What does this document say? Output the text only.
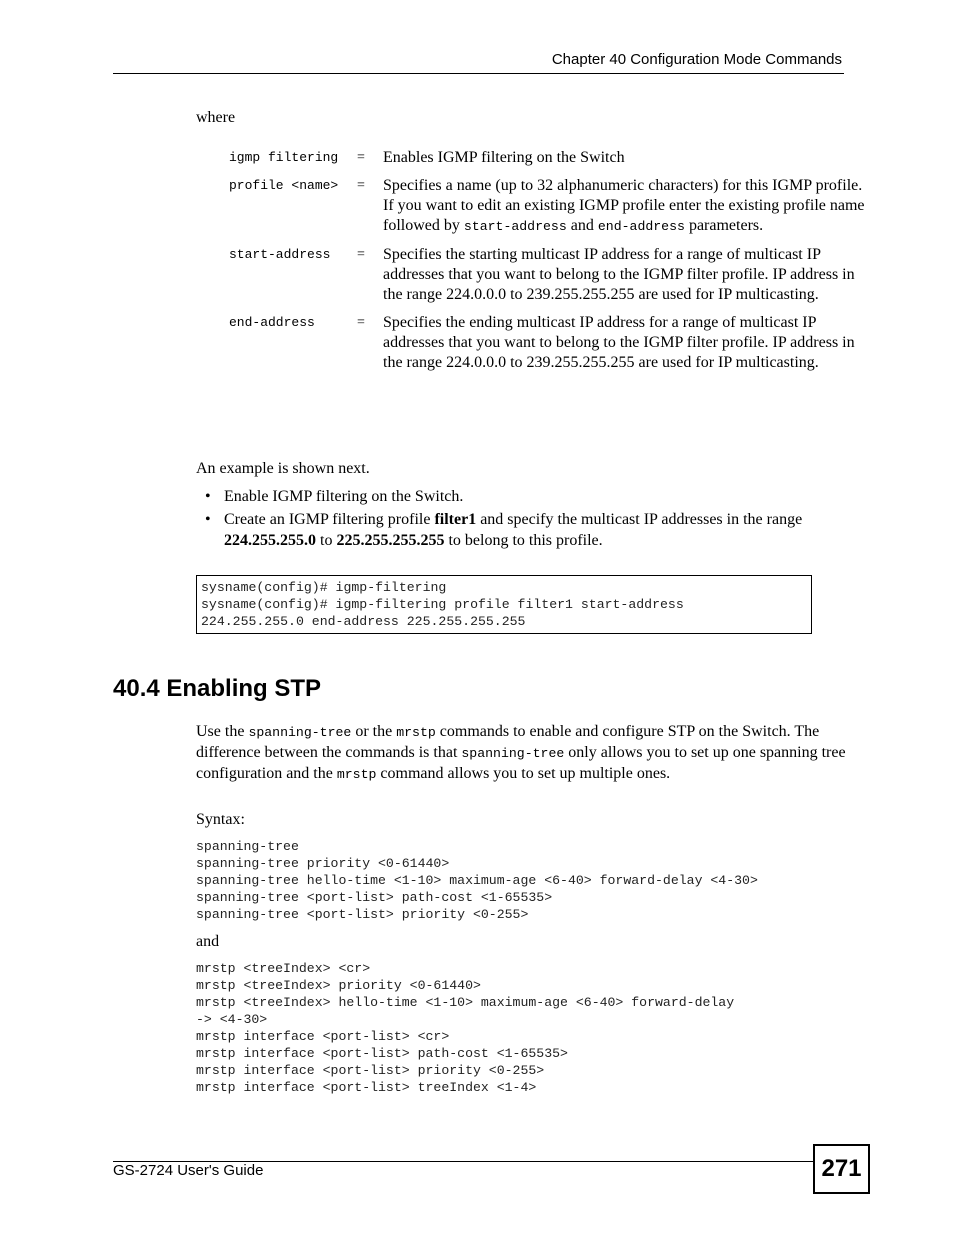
Chapter 40 Configuration Mode Commands
where
igmp filtering	=	Enables IGMP filtering on the Switch
profile <name>	=	Specifies a name (up to 32 alphanumeric characters) for this IGMP profile. If you want to edit an existing IGMP profile enter the existing profile name followed by start-address and end-address parameters.
start-address	=	Specifies the starting multicast IP address for a range of multicast IP addresses that you want to belong to the IGMP filter profile. IP address in the range 224.0.0.0 to 239.255.255.255 are used for IP multicasting.
end-address	=	Specifies the ending multicast IP address for a range of multicast IP addresses that you want to belong to the IGMP filter profile. IP address in the range 224.0.0.0 to 239.255.255.255 are used for IP multicasting.
An example is shown next.
• Enable IGMP filtering on the Switch.
• Create an IGMP filtering profile filter1 and specify the multicast IP addresses in the range 224.255.255.0 to 225.255.255.255 to belong to this profile.
sysname(config)# igmp-filtering
sysname(config)# igmp-filtering profile filter1 start-address
224.255.255.0 end-address 225.255.255.255
40.4 Enabling STP
Use the spanning-tree or the mrstp commands to enable and configure STP on the Switch. The difference between the commands is that spanning-tree only allows you to set up one spanning tree configuration and the mrstp command allows you to set up multiple ones.
Syntax:
spanning-tree
spanning-tree priority <0-61440>
spanning-tree hello-time <1-10> maximum-age <6-40> forward-delay <4-30>
spanning-tree <port-list> path-cost <1-65535>
spanning-tree <port-list> priority <0-255>
and
mrstp <treeIndex> <cr>
mrstp <treeIndex> priority <0-61440>
mrstp <treeIndex> hello-time <1-10> maximum-age <6-40> forward-delay
-> <4-30>
mrstp interface <port-list> <cr>
mrstp interface <port-list> path-cost <1-65535>
mrstp interface <port-list> priority <0-255>
mrstp interface <port-list> treeIndex <1-4>
GS-2724 User's Guide	271
